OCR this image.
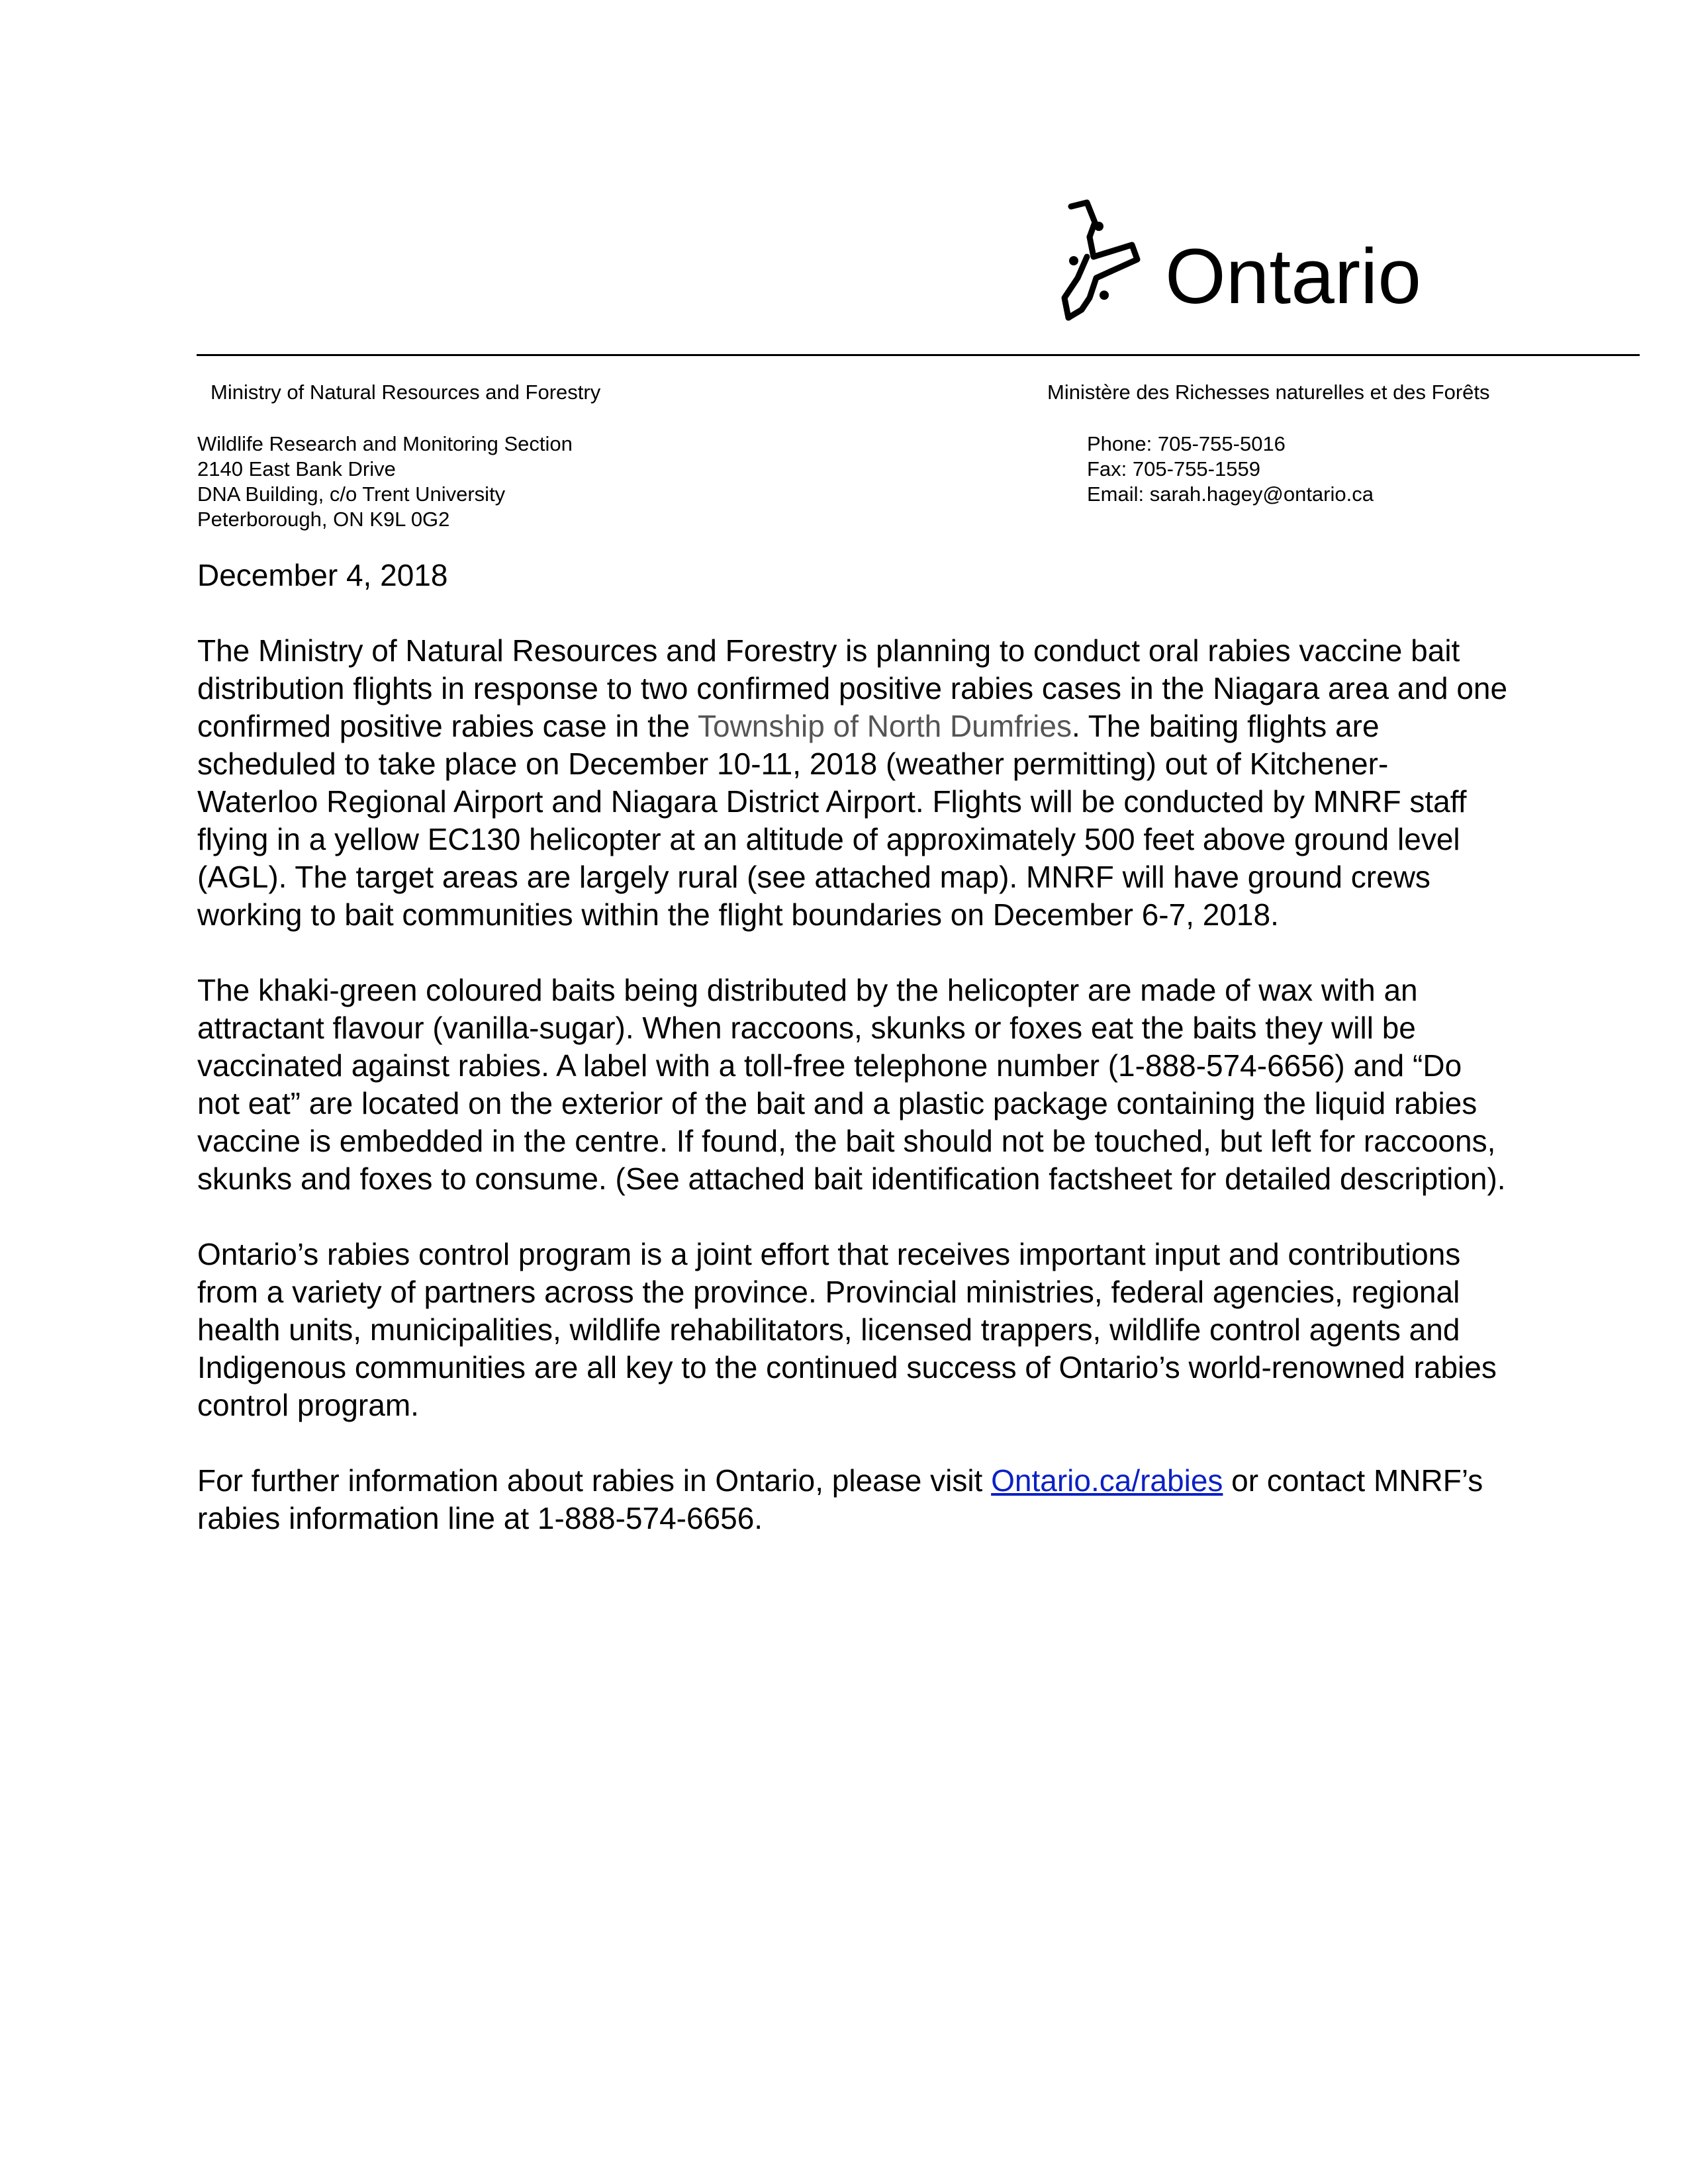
Ontario
Ministry of Natural Resources and Forestry	Ministère des Richesses naturelles et des Forêts
Wildlife Research and Monitoring Section
2140 East Bank Drive
DNA Building, c/o Trent University
Peterborough, ON K9L 0G2
Phone: 705-755-5016
Fax: 705-755-1559
Email: sarah.hagey@ontario.ca
December 4, 2018

The Ministry of Natural Resources and Forestry is planning to conduct oral rabies vaccine bait distribution flights in response to two confirmed positive rabies cases in the Niagara area and one confirmed positive rabies case in the Township of North Dumfries. The baiting flights are scheduled to take place on December 10-11, 2018 (weather permitting) out of Kitchener-Waterloo Regional Airport and Niagara District Airport. Flights will be conducted by MNRF staff flying in a yellow EC130 helicopter at an altitude of approximately 500 feet above ground level (AGL). The target areas are largely rural (see attached map). MNRF will have ground crews working to bait communities within the flight boundaries on December 6-7, 2018.

The khaki-green coloured baits being distributed by the helicopter are made of wax with an attractant flavour (vanilla-sugar). When raccoons, skunks or foxes eat the baits they will be vaccinated against rabies. A label with a toll-free telephone number (1-888-574-6656) and “Do not eat” are located on the exterior of the bait and a plastic package containing the liquid rabies vaccine is embedded in the centre. If found, the bait should not be touched, but left for raccoons, skunks and foxes to consume. (See attached bait identification factsheet for detailed description).

Ontario’s rabies control program is a joint effort that receives important input and contributions from a variety of partners across the province. Provincial ministries, federal agencies, regional health units, municipalities, wildlife rehabilitators, licensed trappers, wildlife control agents and Indigenous communities are all key to the continued success of Ontario’s world-renowned rabies control program.

For further information about rabies in Ontario, please visit Ontario.ca/rabies or contact MNRF’s rabies information line at 1-888-574-6656.
